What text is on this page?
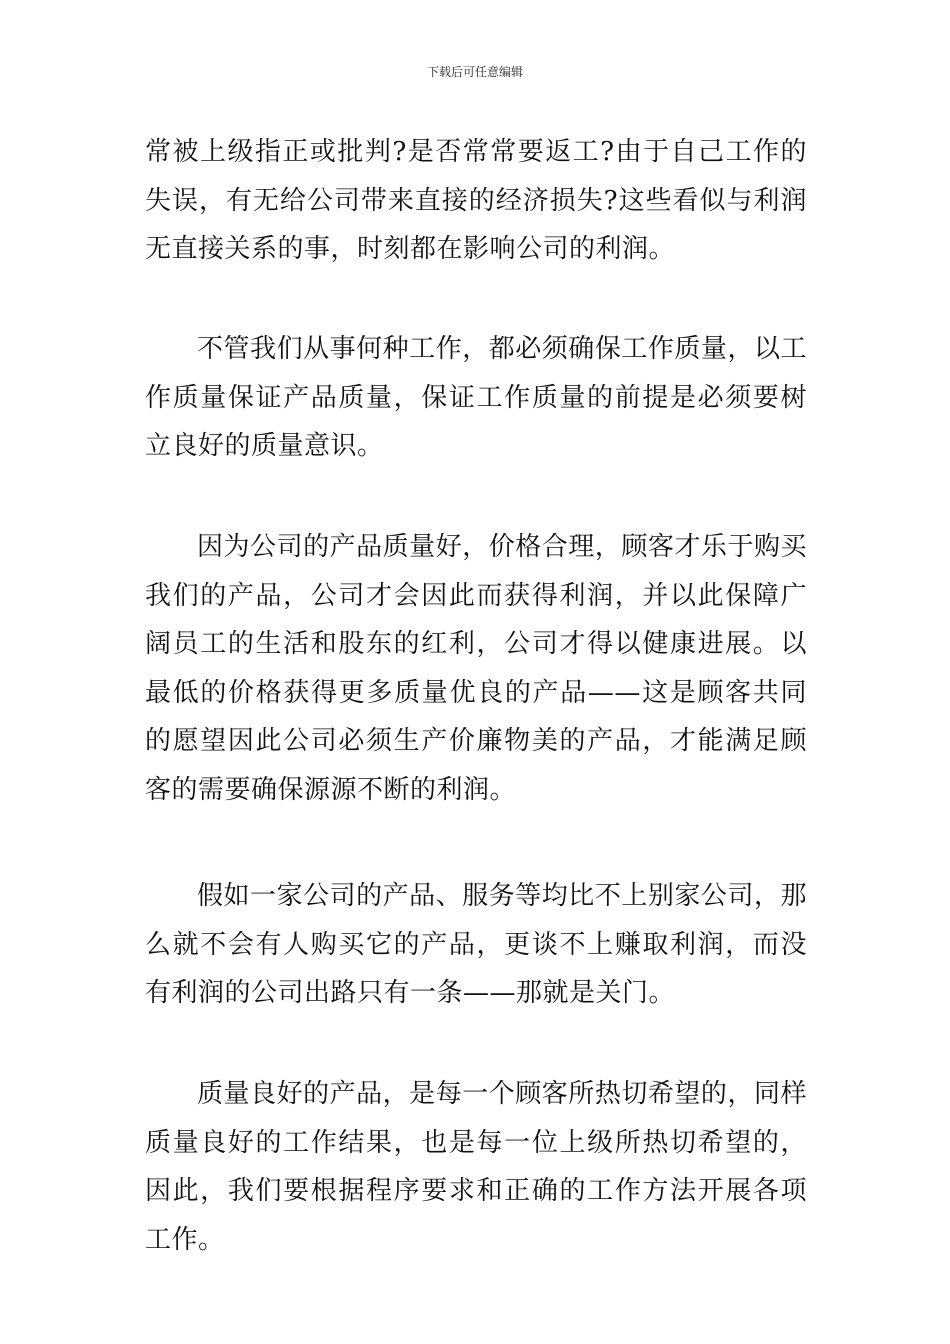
下载后可任意编辑

常被上级指正或批判?是否常常要返工?由于自己工作的失误，有无给公司带来直接的经济损失?这些看似与利润无直接关系的事，时刻都在影响公司的利润。

不管我们从事何种工作，都必须确保工作质量，以工作质量保证产品质量，保证工作质量的前提是必须要树立良好的质量意识。

因为公司的产品质量好，价格合理，顾客才乐于购买我们的产品，公司才会因此而获得利润，并以此保障广阔员工的生活和股东的红利，公司才得以健康进展。以最低的价格获得更多质量优良的产品——这是顾客共同的愿望因此公司必须生产价廉物美的产品，才能满足顾客的需要确保源源不断的利润。

假如一家公司的产品、服务等均比不上别家公司，那么就不会有人购买它的产品，更谈不上赚取利润，而没有利润的公司出路只有一条——那就是关门。

质量良好的产品，是每一个顾客所热切希望的，同样质量良好的工作结果，也是每一位上级所热切希望的，因此，我们要根据程序要求和正确的工作方法开展各项工作。
